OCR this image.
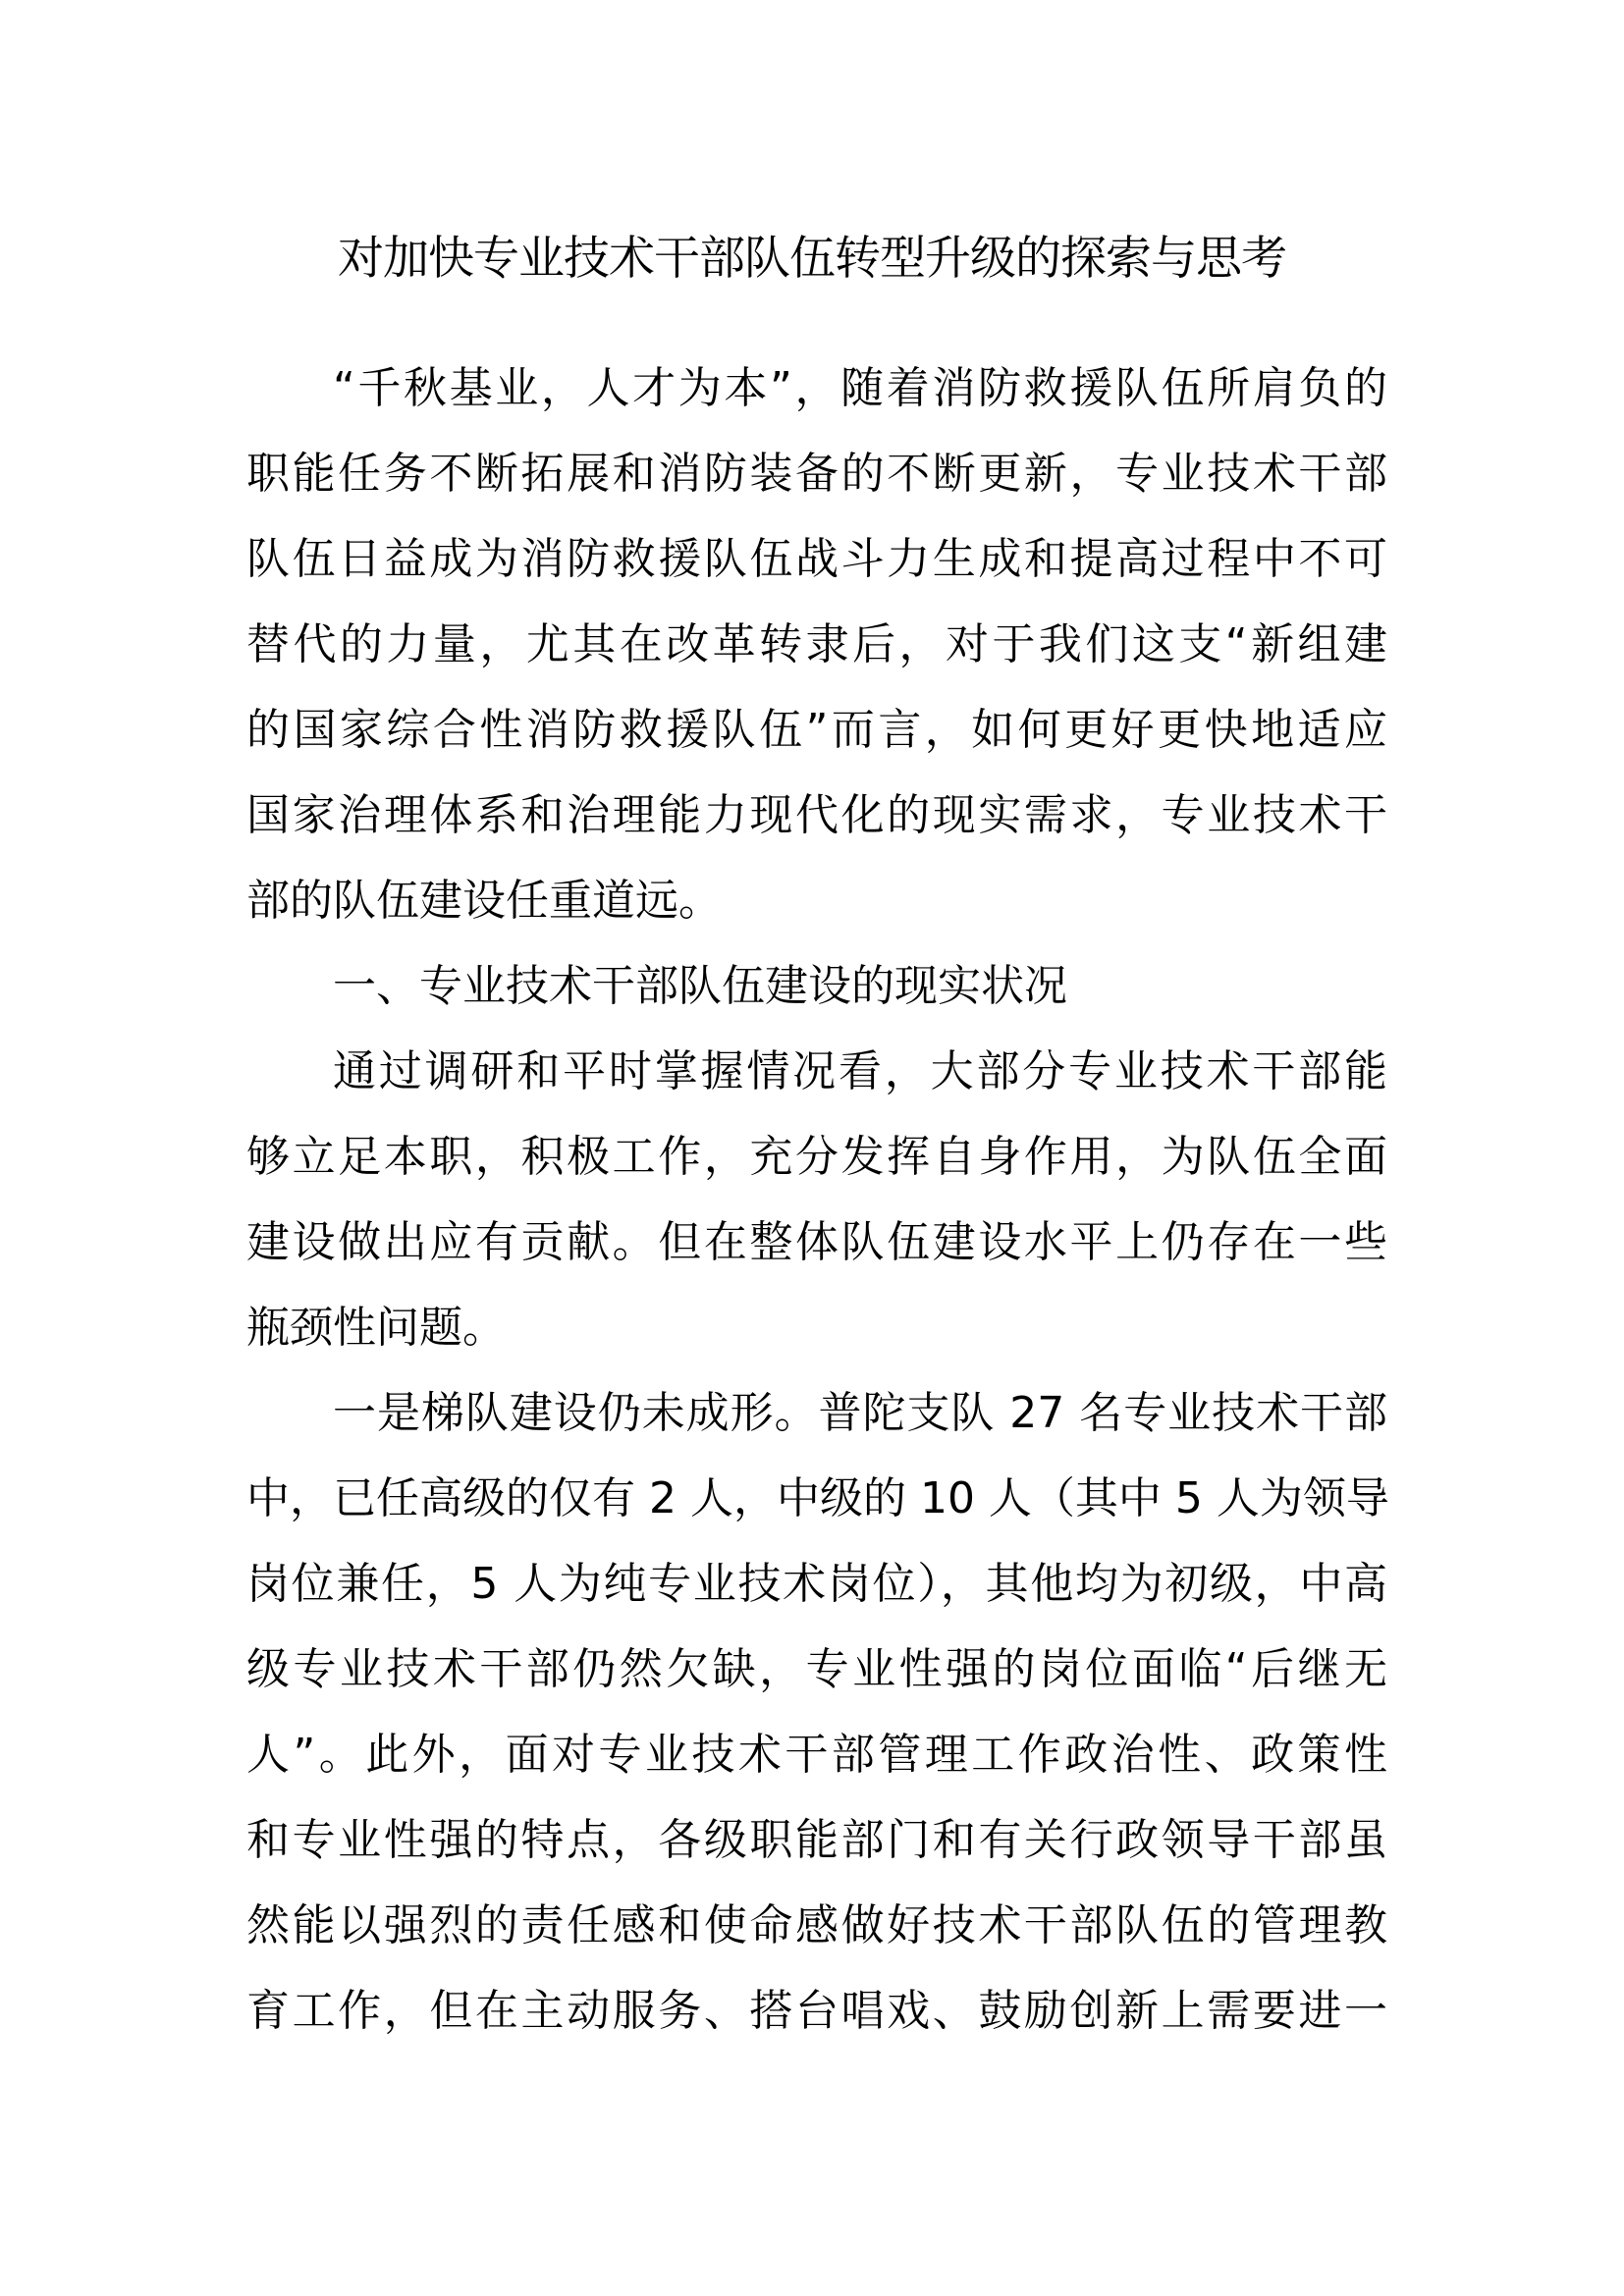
对加快专业技术干部队伍转型升级的探索与思考
“千秋基业，人才为本”，随着消防救援队伍所肩负的
职能任务不断拓展和消防装备的不断更新，专业技术干部
队伍日益成为消防救援队伍战斗力生成和提高过程中不可
替代的力量，尤其在改革转隶后，对于我们这支“新组建
的国家综合性消防救援队伍”而言，如何更好更快地适应
国家治理体系和治理能力现代化的现实需求，专业技术干
部的队伍建设任重道远。
一、专业技术干部队伍建设的现实状况
通过调研和平时掌握情况看，大部分专业技术干部能
够立足本职，积极工作，充分发挥自身作用，为队伍全面
建设做出应有贡献。但在整体队伍建设水平上仍存在一些
瓶颈性问题。
一是梯队建设仍未成形。普陀支队 27 名专业技术干部
中，已任高级的仅有 2 人，中级的 10 人（其中 5 人为领导
岗位兼任，5 人为纯专业技术岗位），其他均为初级，中高
级专业技术干部仍然欠缺，专业性强的岗位面临“后继无
人”。此外，面对专业技术干部管理工作政治性、政策性
和专业性强的特点，各级职能部门和有关行政领导干部虽
然能以强烈的责任感和使命感做好技术干部队伍的管理教
育工作，但在主动服务、搭台唱戏、鼓励创新上需要进一
